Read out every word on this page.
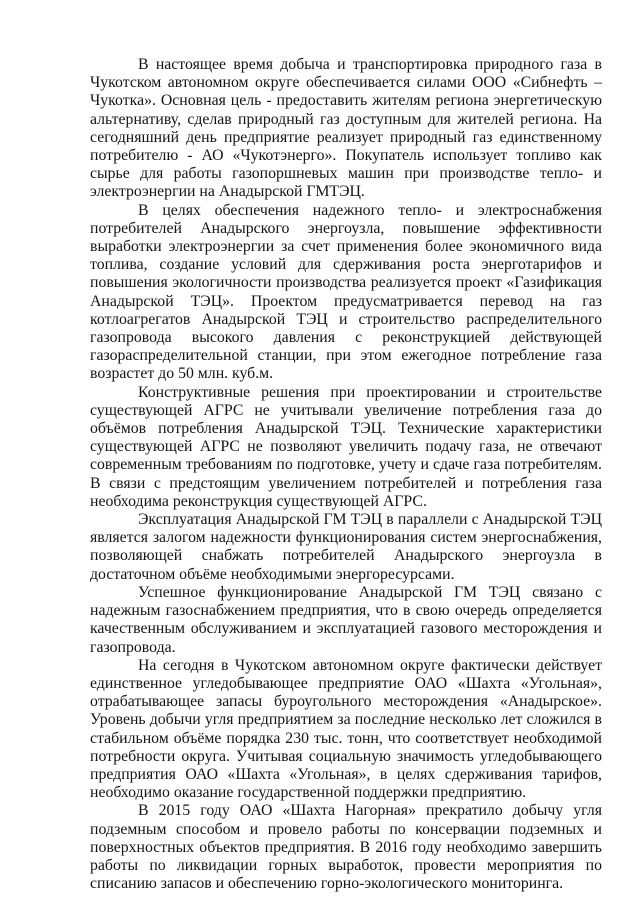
В настоящее время добыча и транспортировка природного газа в Чукотском автономном округе обеспечивается силами ООО «Сибнефть – Чукотка». Основная цель - предоставить жителям региона энергетическую альтернативу, сделав природный газ доступным для жителей региона. На сегодняшний день предприятие реализует природный газ единственному потребителю - АО «Чукотэнерго». Покупатель использует топливо как сырье для работы газопоршневых машин при производстве тепло- и электроэнергии на Анадырской ГМТЭЦ.

В целях обеспечения надежного тепло- и электроснабжения потребителей Анадырского энергоузла, повышение эффективности выработки электроэнергии за счет применения более экономичного вида топлива, создание условий для сдерживания роста энерготарифов и повышения экологичности производства реализуется проект «Газификация Анадырской ТЭЦ». Проектом предусматривается перевод на газ котлоагрегатов Анадырской ТЭЦ и строительство распределительного газопровода высокого давления с реконструкцией действующей газораспределительной станции, при этом ежегодное потребление газа возрастет до 50 млн. куб.м.

Конструктивные решения при проектировании и строительстве существующей АГРС не учитывали увеличение потребления газа до объёмов потребления Анадырской ТЭЦ. Технические характеристики существующей АГРС не позволяют увеличить подачу газа, не отвечают современным требованиям по подготовке, учету и сдаче газа потребителям. В связи с предстоящим увеличением потребителей и потребления газа необходима реконструкция существующей АГРС.

Эксплуатация Анадырской ГМ ТЭЦ в параллели с Анадырской ТЭЦ является залогом надежности функционирования систем энергоснабжения, позволяющей снабжать потребителей Анадырского энергоузла в достаточном объёме необходимыми энергоресурсами.

Успешное функционирование Анадырской ГМ ТЭЦ связано с надежным газоснабжением предприятия, что в свою очередь определяется качественным обслуживанием и эксплуатацией газового месторождения и газопровода.

На сегодня в Чукотском автономном округе фактически действует единственное угледобывающее предприятие ОАО «Шахта «Угольная», отрабатывающее запасы буроугольного месторождения «Анадырское». Уровень добычи угля предприятием за последние несколько лет сложился в стабильном объёме порядка 230 тыс. тонн, что соответствует необходимой потребности округа. Учитывая социальную значимость угледобывающего предприятия ОАО «Шахта «Угольная», в целях сдерживания тарифов, необходимо оказание государственной поддержки предприятию.

В 2015 году ОАО «Шахта Нагорная» прекратило добычу угля подземным способом и провело работы по консервации подземных и поверхностных объектов предприятия. В 2016 году необходимо завершить работы по ликвидации горных выработок, провести мероприятия по списанию запасов и обеспечению горно-экологического мониторинга.
